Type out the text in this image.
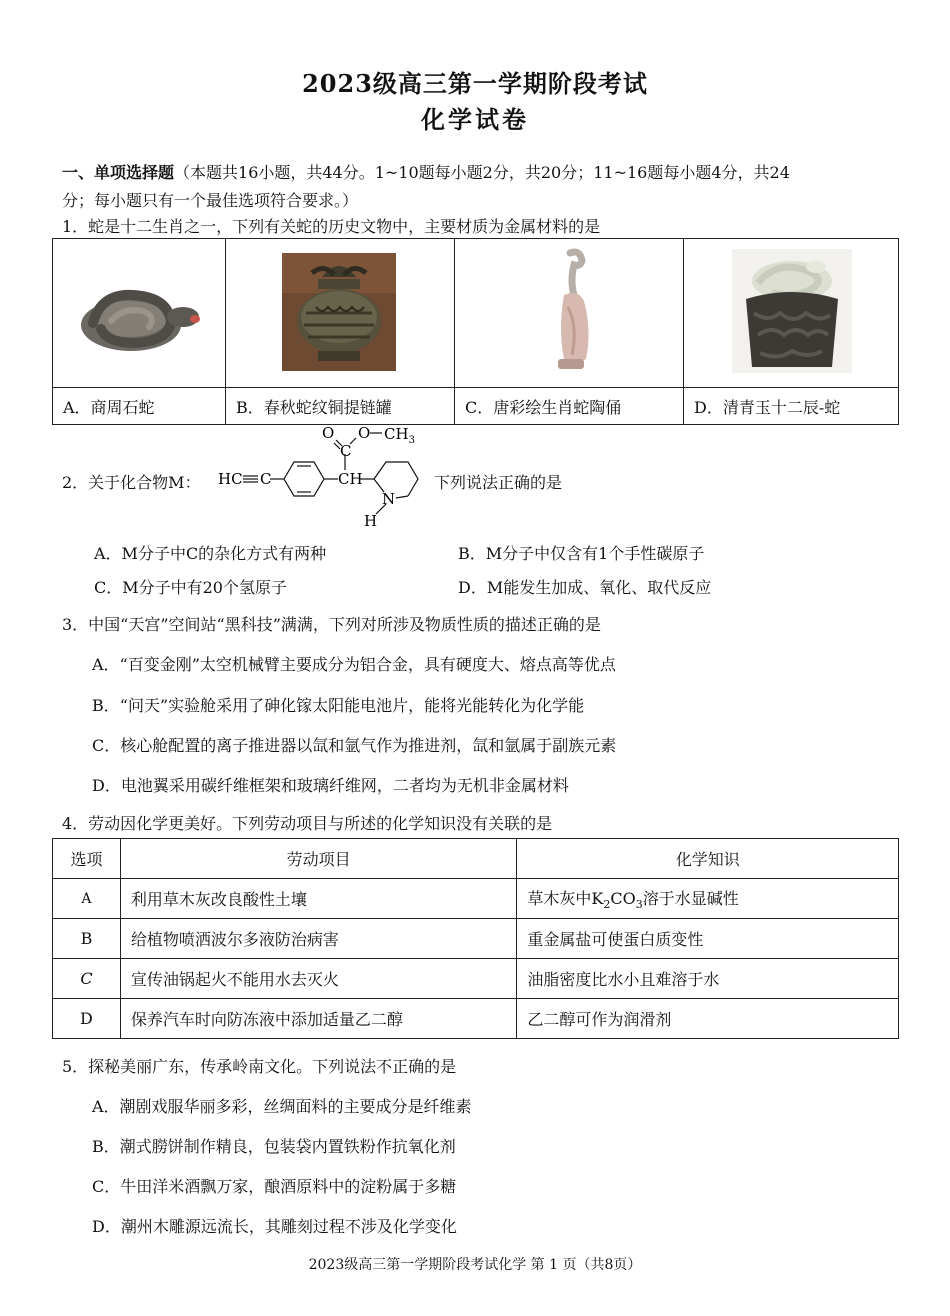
2023级高三第一学期阶段考试
化学试卷
一、单项选择题（本题共16小题，共44分。1~10题每小题2分，共20分；11~16题每小题4分，共24
分；每小题只有一个最佳选项符合要求。）
1．蛇是十二生肖之一，下列有关蛇的历史文物中，主要材质为金属材料的是
A．商周石蛇	B．春秋蛇纹铜提链罐	C．唐彩绘生肖蛇陶俑	D．清青玉十二辰-蛇
2．关于化合物M： HC C
O
C
O $CH_3$
CH
N
H
下列说法正确的是
A．M分子中C的杂化方式有两种	B．M分子中仅含有1个手性碳原子
C．M分子中有20个氢原子	D．M能发生加成、氧化、取代反应
3．中国“天宫”空间站“黑科技”满满，下列对所涉及物质性质的描述正确的是
A．“百变金刚”太空机械臂主要成分为铝合金，具有硬度大、熔点高等优点
B．“问天”实验舱采用了砷化镓太阳能电池片，能将光能转化为化学能
C．核心舱配置的离子推进器以氙和氩气作为推进剂，氙和氩属于副族元素
D．电池翼采用碳纤维框架和玻璃纤维网，二者均为无机非金属材料
4．劳动因化学更美好。下列劳动项目与所述的化学知识没有关联的是
选项	劳动项目	化学知识
A	利用草木灰改良酸性土壤	草木灰中$K_2CO_3$溶于水显碱性
B	给植物喷洒波尔多液防治病害	重金属盐可使蛋白质变性
C	宣传油锅起火不能用水去灭火	油脂密度比水小且难溶于水
D	保养汽车时向防冻液中添加适量乙二醇	乙二醇可作为润滑剂
5．探秘美丽广东，传承岭南文化。下列说法不正确的是
A．潮剧戏服华丽多彩，丝绸面料的主要成分是纤维素
B．潮式朥饼制作精良，包装袋内置铁粉作抗氧化剂
C．牛田洋米酒飘万家，酿酒原料中的淀粉属于多糖
D．潮州木雕源远流长，其雕刻过程不涉及化学变化
2023级高三第一学期阶段考试化学 第 1 页（共8页）
